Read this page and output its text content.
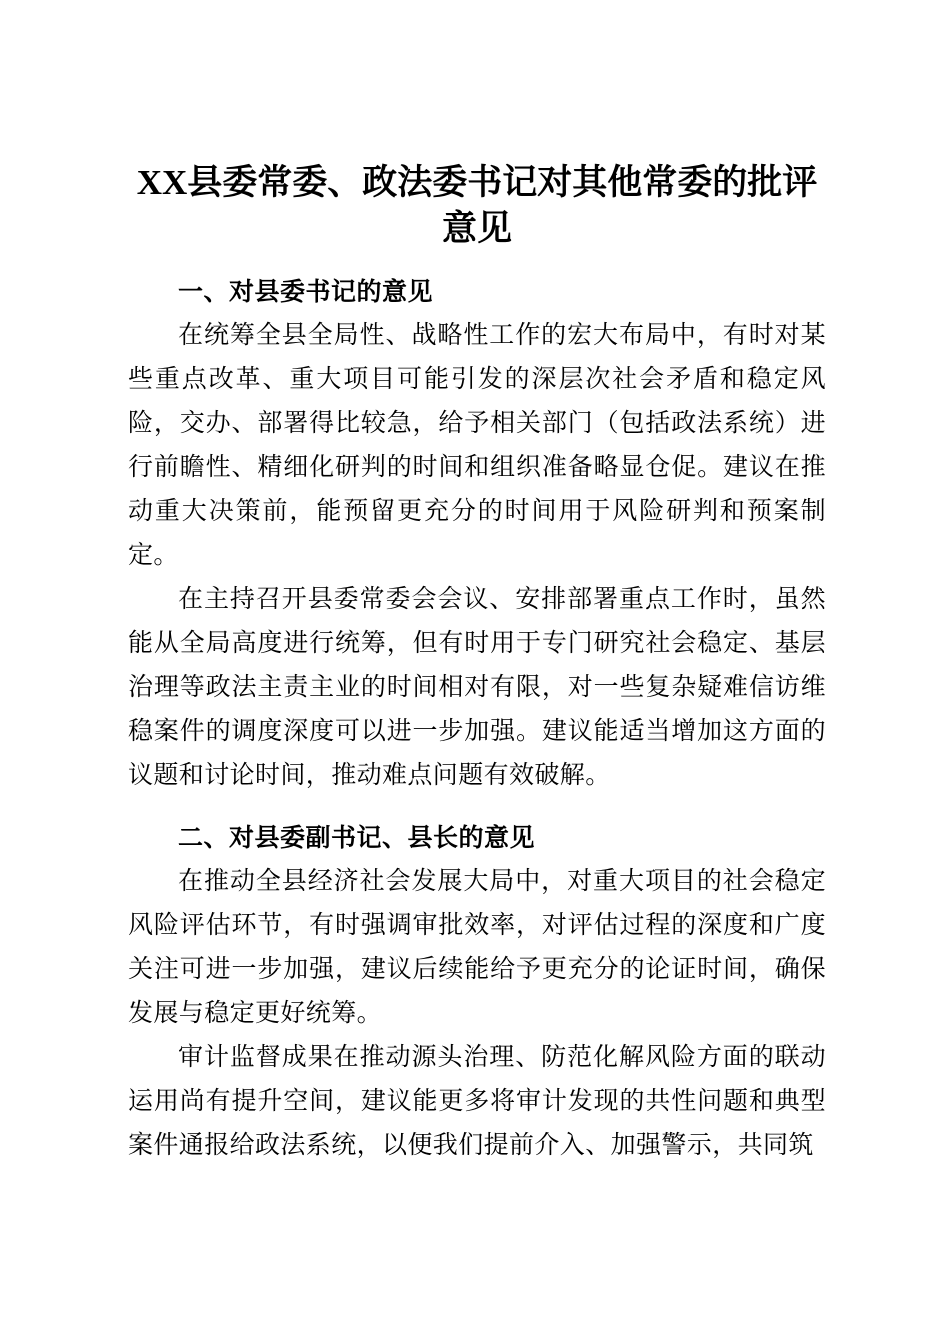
XX县委常委、政法委书记对其他常委的批评意见
一、对县委书记的意见

在统筹全县全局性、战略性工作的宏大布局中，有时对某些重点改革、重大项目可能引发的深层次社会矛盾和稳定风险，交办、部署得比较急，给予相关部门（包括政法系统）进行前瞻性、精细化研判的时间和组织准备略显仓促。建议在推动重大决策前，能预留更充分的时间用于风险研判和预案制定。

在主持召开县委常委会会议、安排部署重点工作时，虽然能从全局高度进行统筹，但有时用于专门研究社会稳定、基层治理等政法主责主业的时间相对有限，对一些复杂疑难信访维稳案件的调度深度可以进一步加强。建议能适当增加这方面的议题和讨论时间，推动难点问题有效破解。

二、对县委副书记、县长的意见

在推动全县经济社会发展大局中，对重大项目的社会稳定风险评估环节，有时强调审批效率，对评估过程的深度和广度关注可进一步加强，建议后续能给予更充分的论证时间，确保发展与稳定更好统筹。

审计监督成果在推动源头治理、防范化解风险方面的联动运用尚有提升空间，建议能更多将审计发现的共性问题和典型案件通报给政法系统，以便我们提前介入、加强警示，共同筑
